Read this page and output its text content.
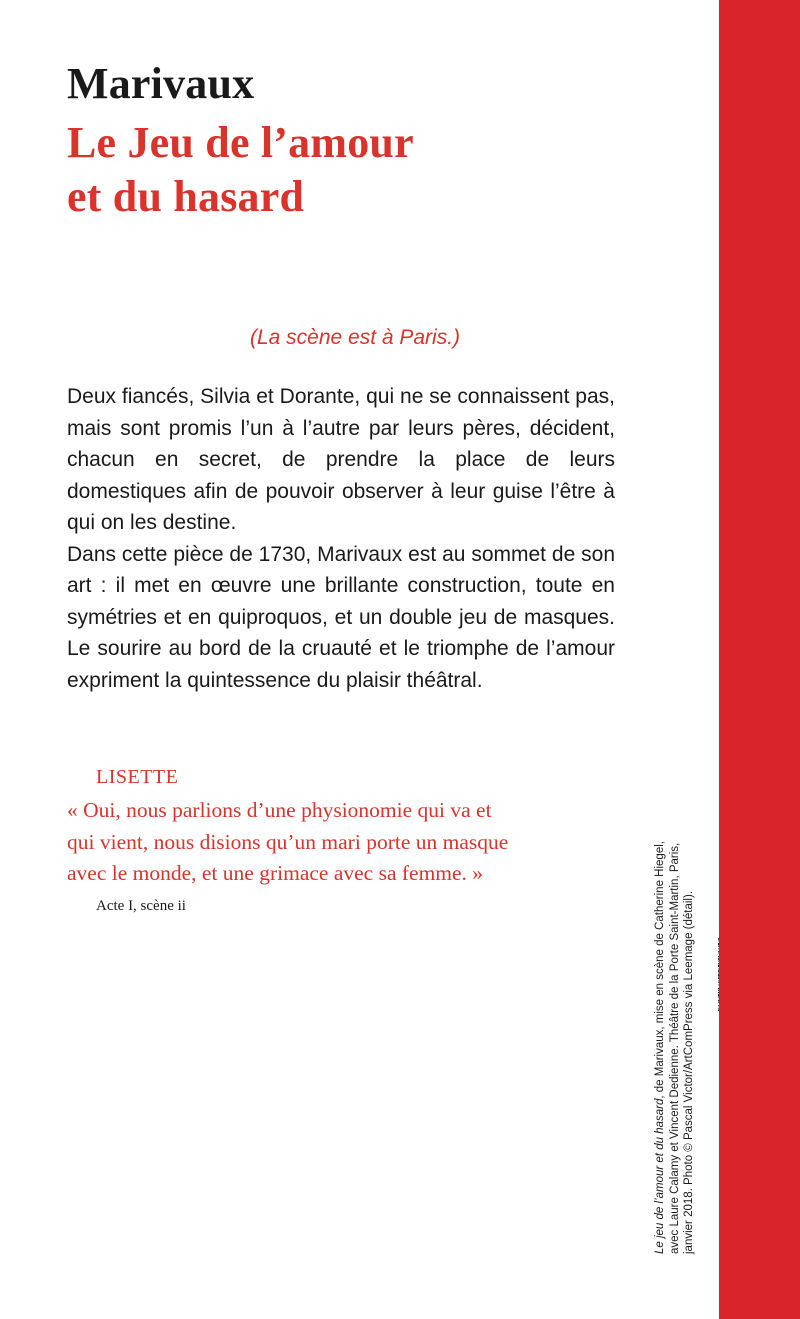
Marivaux
Le Jeu de l’amour
et du hasard
(La scène est à Paris.)

Deux fiancés, Silvia et Dorante, qui ne se connaissent pas, mais sont promis l’un à l’autre par leurs pères, décident, chacun en secret, de prendre la place de leurs domestiques afin de pouvoir observer à leur guise l’être à qui on les destine.

Dans cette pièce de 1730, Marivaux est au sommet de son art : il met en œuvre une brillante construction, toute en symétries et en quiproquos, et un double jeu de masques. Le sourire au bord de la cruauté et le triomphe de l’amour expriment la quintessence du plaisir théâtral.

LISETTE
« Oui, nous parlions d’une physionomie qui va et
qui vient, nous disions qu’un mari porte un masque
avec le monde, et une grimace avec sa femme. »
Acte I, scène ii
Le jeu de l’amour et du hasard, de Marivaux, mise en scène de Catherine Hiegel, avec Laure Calamy et Vincent Dedienne. Théâtre de la Porte Saint-Martin, Paris, janvier 2018. Photo © Pascal Victor/ArtComPress via Leemage (détail).
